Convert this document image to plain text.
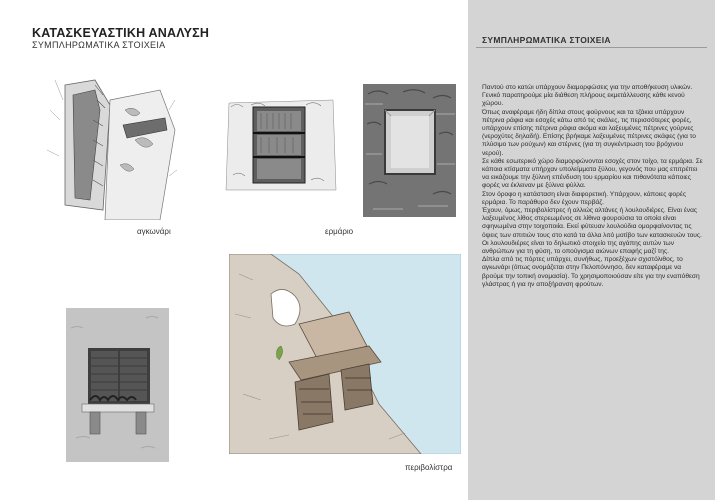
ΚΑΤΑΣΚΕΥΑΣΤΙΚΗ ΑΝΑΛΥΣΗ
ΣΥΜΠΛΗΡΩΜΑΤΙΚΑ ΣΤΟΙΧΕΙΑ
αγκωνάρι	ερμάριο
περιβολίστρα
ΣΥΜΠΛΗΡΩΜΑΤΙΚΑ ΣΤΟΙΧΕΙΑ

Παντού στο κατώι υπάρχουν διαμορφώσεις για την αποθήκευση υλικών. Γενικό παρατηρούμε μία διάθεση πλήρους εκμετάλλευσης κάθε κενού χώρου.

Όπως αναφέραμε ήδη δίπλα στους φούρνους και τα τζάκια υπάρχουν πέτρινα ράφια και εσοχές κάτω από τις σκάλες, τις περισσότερες φορές, υπάρχουν επίσης πέτρινα ράφια ακόμα και λαξευμένες πέτρινες γούρνες (νεροχύτες δηλαδή). Επίσης βρήκαμε λαξευμένες πέτρινες σκάφες (για το πλύσιμο των ρούχων) και στέρνες (για τη συγκέντρωση του βρόχινου νερού).

Σε κάθε εσωτερικό χώρο διαμορφώνονται εσοχές στον τοίχο, τα ερμάρια. Σε κάποια κτίσματα υπήρχαν υπολείμματα ξύλου, γεγονός που μας επιτρέπει να εικάζουμε την ξύλινη επένδυση του ερμαρίου και πιθανότατα κάποιες φορές να έκλειναν με ξύλινα φύλλα.

Στον όροφο η κατάσταση είναι διαφορετική. Υπάρχουν, κάποιες φορές ερμάρια. Το παράθυρο δεν έχουν περβάζ.

Έχουν, όμως, περιβολίστρες ή αλλιώς αλτάνες ή λουλουδιέρες. Είναι ένας λαξευμένος λίθος στερεωμένος σε λίθινα φουρούσια τα οποία είναι σφηνωμένα στην τοιχοποιία. Εκεί φύτευαν λουλούδια ομορφαίνοντας τις όψεις των σπιτιών τους στο κατά τα άλλα λιτό μοτίβο των κατασκευών τους. Οι λουλουδιέρες είναι το δηλωτικό στοιχείο της αγάπης αυτών των ανθρώπων για τη φύση, το οπούγισμα αιώνων επαφής μαζί της.

Δίπλα από τις πόρτες υπάρχει, συνήθως, προεξέχων σχιστόλιθος, το αγκωνάρι (όπως ονομάζεται στην Πελοπόννησο, δεν καταφέραμε να βρούμε την τοπική ονομασία). Το χρησιμοποιούσαν είτε για την εναπόθεση γλάστρας ή για ην αποξήρανση φρούτων.
